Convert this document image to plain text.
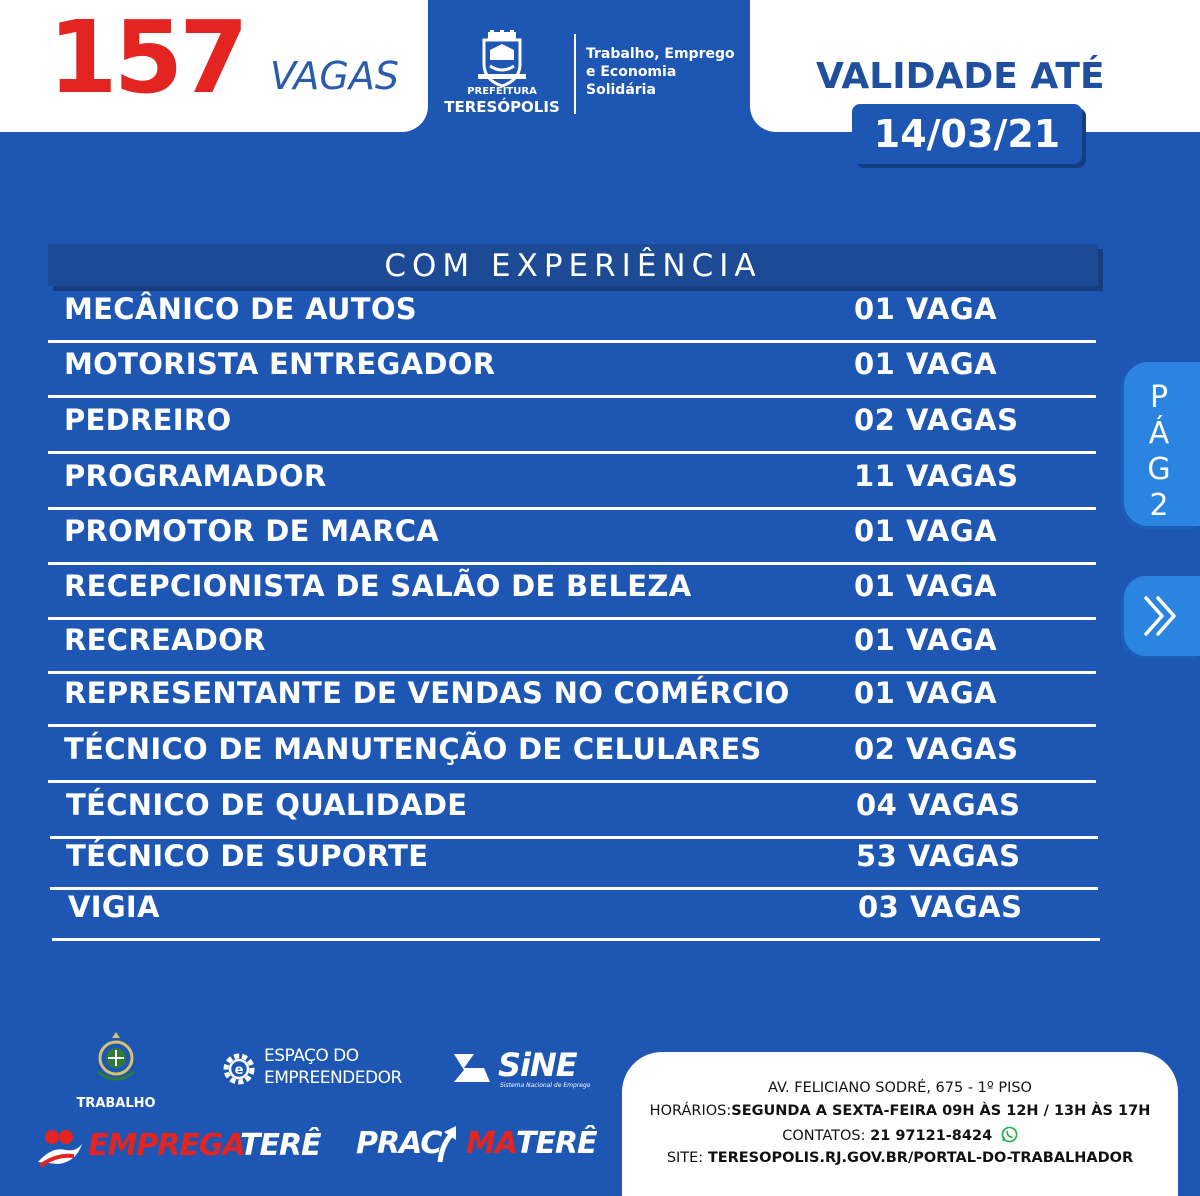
157 VAGAS	PREFEITURA
TERESÓPOLIS
Trabalho, Emprego
e Economia
Solidária	VALIDADE ATÉ
14/03/21
COM EXPERIÊNCIA
MECÂNICO DE AUTOS	01 VAGA
MOTORISTA ENTREGADOR	01 VAGA
PEDREIRO	02 VAGAS
PROGRAMADOR	11 VAGAS
PROMOTOR DE MARCA	01 VAGA
RECEPCIONISTA DE SALÃO DE BELEZA	01 VAGA
RECREADOR	01 VAGA
REPRESENTANTE DE VENDAS NO COMÉRCIO 01 VAGA
TÉCNICO DE MANUTENÇÃO DE CELULARES	02 VAGAS
TÉCNICO DE QUALIDADE	04 VAGAS
TÉCNICO DE SUPORTE	53 VAGAS
VIGIA	03 VAGAS
P
Á
G
2
TRABALHO
e
ESPAÇO DO
EMPREENDEDOR	SiNE
Sistema Nacional de Emprego
EMPREGA
TERÊ PRAC MA
TERÊ
AV. FELICIANO SODRÉ, 675 - 1º PISO
HORÁRIOS:SEGUNDA A SEXTA-FEIRA 09H ÀS 12H / 13H ÀS 17H
CONTATOS: 21 97121-8424
SITE: TERESOPOLIS.RJ.GOV.BR/PORTAL-DO-TRABALHADOR
